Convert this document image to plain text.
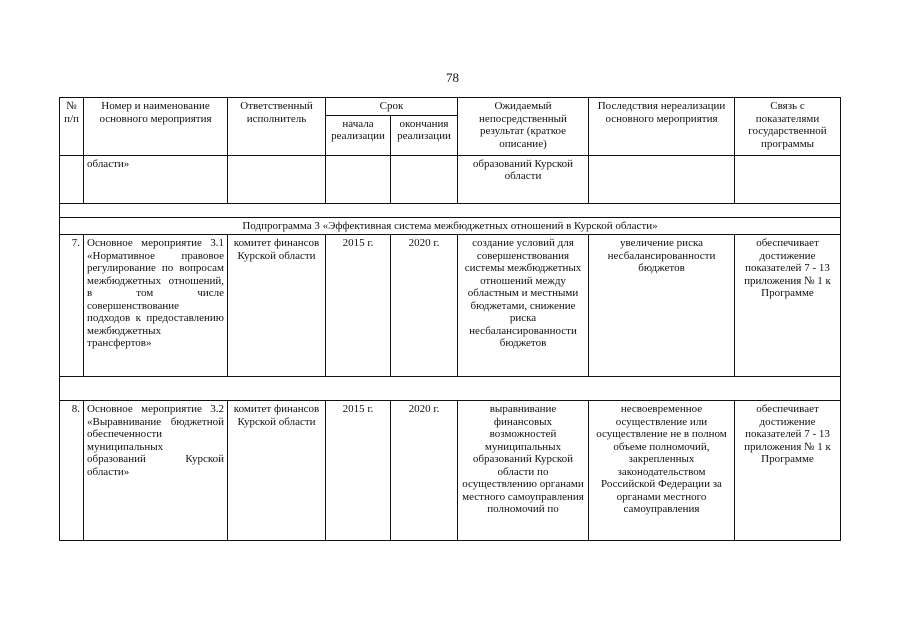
78
№ п/п	Номер и наименование основного мероприятия	Ответственный исполнитель	Срок		Ожидаемый непосредственный результат (краткое описание)	Последствия нереализации основного мероприятия	Связь с показателями государственной программы
			начала реализации	окончания реализации			
	области»				образований Курской области		

Подпрограмма 3 «Эффективная система межбюджетных отношений в Курской области»							
7.	Основное мероприятие 3.1 «Нормативное правовое регулирование по вопросам межбюджетных отношений, в том числе совершенствование подходов к предоставлению межбюджетных трансфертов»	комитет финансов Курской области	2015 г.	2020 г.	создание условий для совершенствования системы межбюджетных отношений между областным и местными бюджетами, снижение риска несбалансированности бюджетов	увеличение риска несбалансированности бюджетов	обеспечивает достижение показателей 7 - 13 приложения № 1 к Программе

8.	Основное мероприятие 3.2 «Выравнивание бюджетной обеспеченности муниципальных образований Курской области»	комитет финансов Курской области	2015 г.	2020 г.	выравнивание финансовых возможностей муниципальных образований Курской области по осуществлению органами местного самоуправления полномочий по	несвоевременное осуществление или осуществление не в полном объеме полномочий, закрепленных законодательством Российской Федерации за органами местного самоуправления	обеспечивает достижение показателей 7 - 13 приложения № 1 к Программе
